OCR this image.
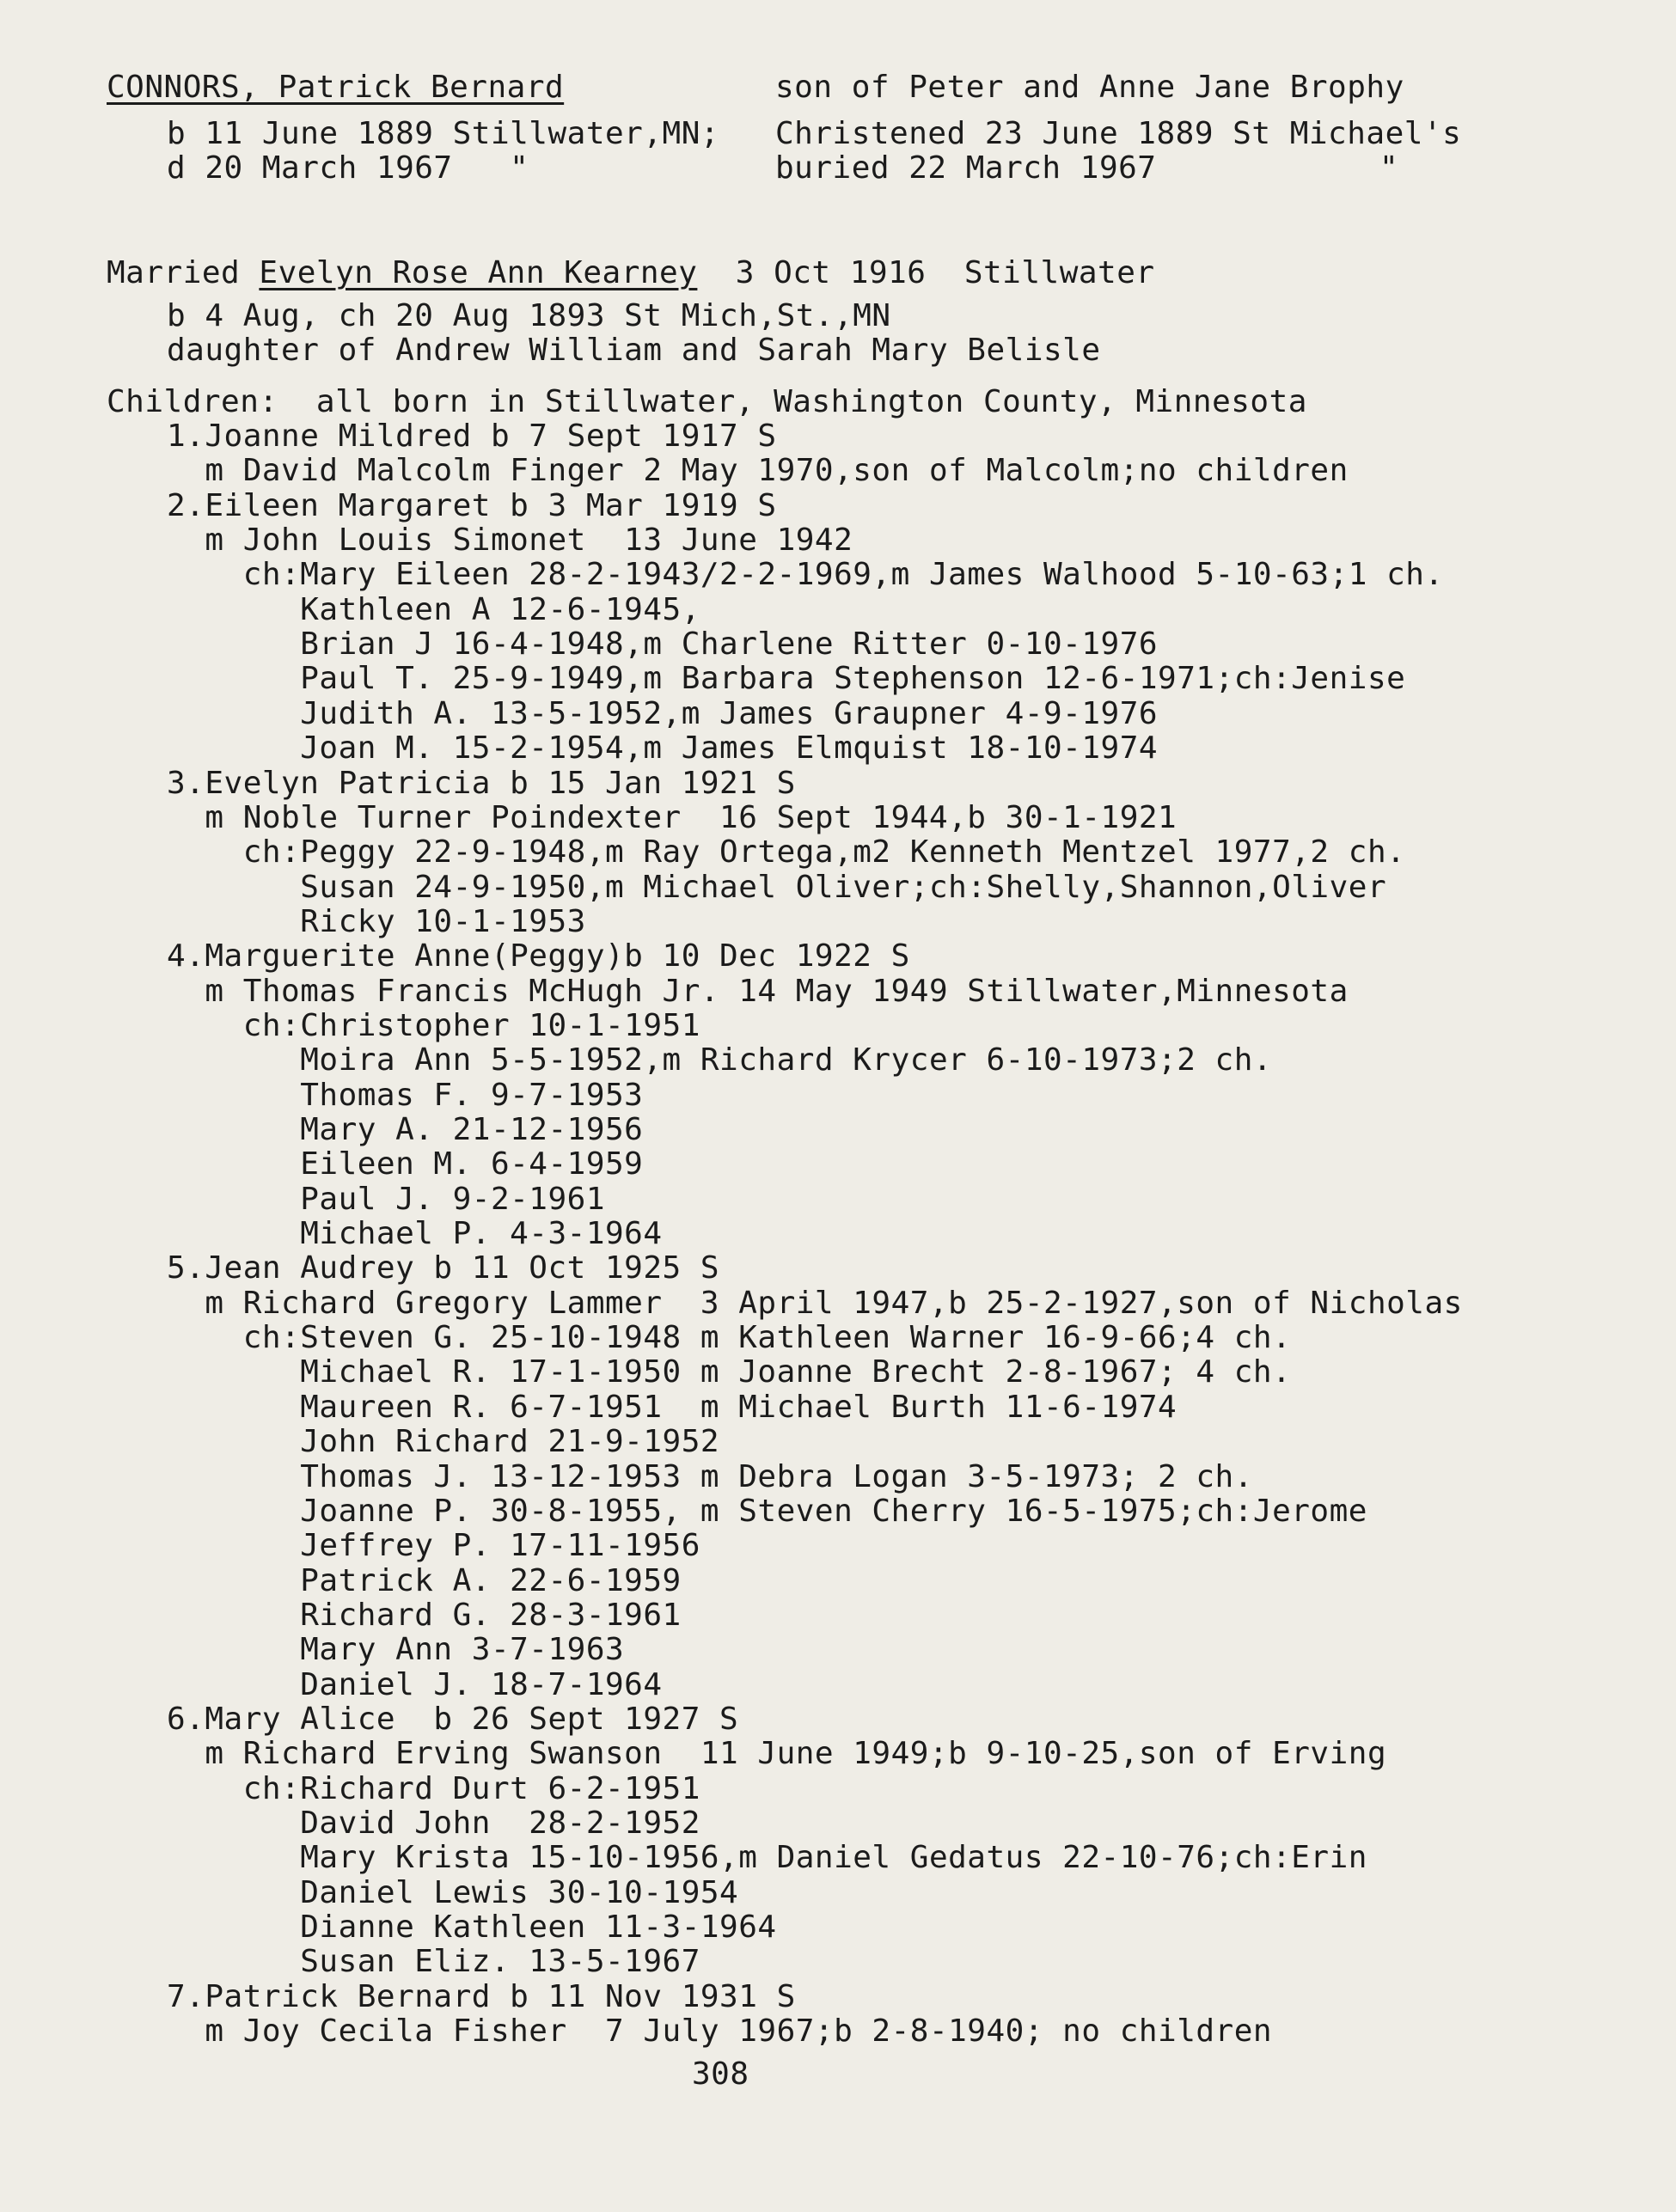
CONNORS, Patrick Bernard	son of Peter and Anne Jane Brophy
b 11 June 1889 Stillwater,MN; Christened 23 June 1889 St Michael's
d 20 March 1967   "	buried 22 March 1967	"
Married Evelyn Rose Ann Kearney  3 Oct 1916  Stillwater
b 4 Aug, ch 20 Aug 1893 St Mich,St.,MN
daughter of Andrew William and Sarah Mary Belisle
Children:  all born in Stillwater, Washington County, Minnesota
1.Joanne Mildred b 7 Sept 1917 S
m David Malcolm Finger 2 May 1970,son of Malcolm;no children
2.Eileen Margaret b 3 Mar 1919 S
m John Louis Simonet  13 June 1942
ch:Mary Eileen 28-2-1943/2-2-1969,m James Walhood 5-10-63;1 ch.
Kathleen A 12-6-1945,
Brian J 16-4-1948,m Charlene Ritter 0-10-1976
Paul T. 25-9-1949,m Barbara Stephenson 12-6-1971;ch:Jenise
Judith A. 13-5-1952,m James Graupner 4-9-1976
Joan M. 15-2-1954,m James Elmquist 18-10-1974
3.Evelyn Patricia b 15 Jan 1921 S
m Noble Turner Poindexter  16 Sept 1944,b 30-1-1921
ch:Peggy 22-9-1948,m Ray Ortega,m2 Kenneth Mentzel 1977,2 ch.
Susan 24-9-1950,m Michael Oliver;ch:Shelly,Shannon,Oliver
Ricky 10-1-1953
4.Marguerite Anne(Peggy)b 10 Dec 1922 S
m Thomas Francis McHugh Jr. 14 May 1949 Stillwater,Minnesota
ch:Christopher 10-1-1951
Moira Ann 5-5-1952,m Richard Krycer 6-10-1973;2 ch.
Thomas F. 9-7-1953
Mary A. 21-12-1956
Eileen M. 6-4-1959
Paul J. 9-2-1961
Michael P. 4-3-1964
5.Jean Audrey b 11 Oct 1925 S
m Richard Gregory Lammer  3 April 1947,b 25-2-1927,son of Nicholas
ch:Steven G. 25-10-1948 m Kathleen Warner 16-9-66;4 ch.
Michael R. 17-1-1950 m Joanne Brecht 2-8-1967; 4 ch.
Maureen R. 6-7-1951  m Michael Burth 11-6-1974
John Richard 21-9-1952
Thomas J. 13-12-1953 m Debra Logan 3-5-1973; 2 ch.
Joanne P. 30-8-1955, m Steven Cherry 16-5-1975;ch:Jerome
Jeffrey P. 17-11-1956
Patrick A. 22-6-1959
Richard G. 28-3-1961
Mary Ann 3-7-1963
Daniel J. 18-7-1964
6.Mary Alice  b 26 Sept 1927 S
m Richard Erving Swanson  11 June 1949;b 9-10-25,son of Erving
ch:Richard Durt 6-2-1951
David John  28-2-1952
Mary Krista 15-10-1956,m Daniel Gedatus 22-10-76;ch:Erin
Daniel Lewis 30-10-1954
Dianne Kathleen 11-3-1964
Susan Eliz. 13-5-1967
7.Patrick Bernard b 11 Nov 1931 S
m Joy Cecila Fisher  7 July 1967;b 2-8-1940; no children
308
